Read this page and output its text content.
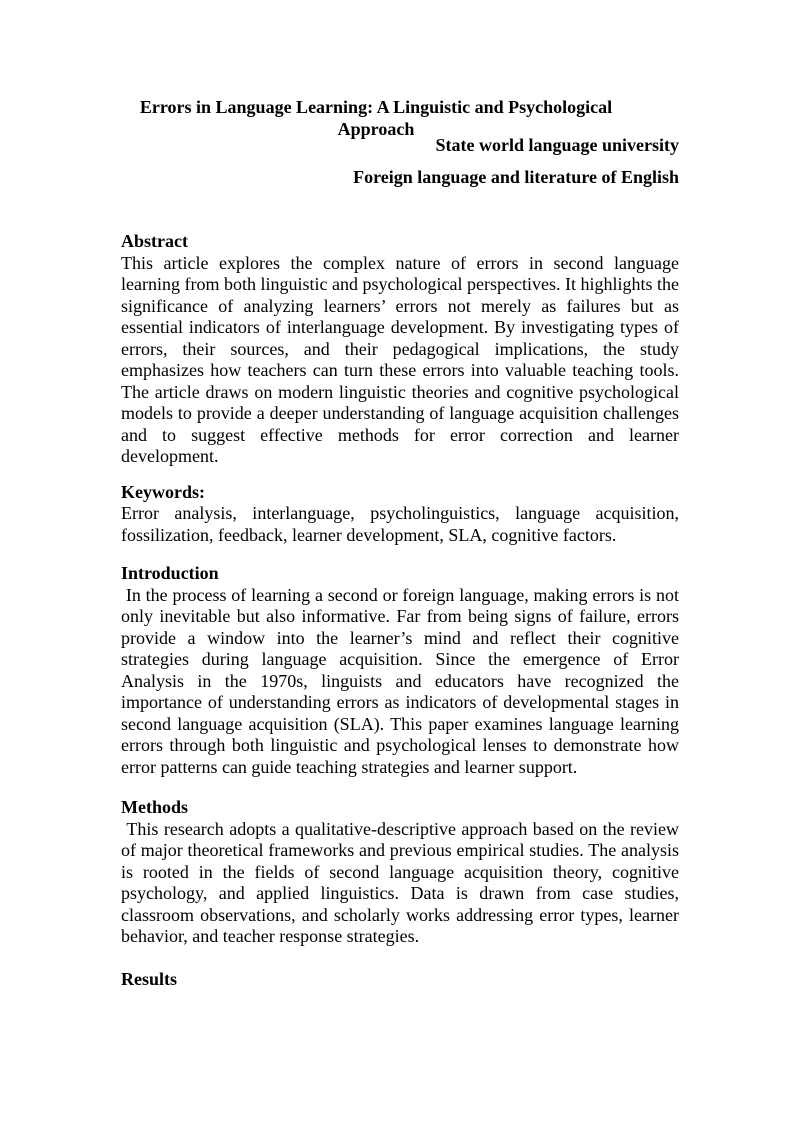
Errors in Language Learning: A Linguistic and Psychological Approach

State world language university

Foreign language and literature of English

Abstract

This article explores the complex nature of errors in second language learning from both linguistic and psychological perspectives. It highlights the significance of analyzing learners’ errors not merely as failures but as essential indicators of interlanguage development. By investigating types of errors, their sources, and their pedagogical implications, the study emphasizes how teachers can turn these errors into valuable teaching tools. The article draws on modern linguistic theories and cognitive psychological models to provide a deeper understanding of language acquisition challenges and to suggest effective methods for error correction and learner development.

Keywords:

Error analysis, interlanguage, psycholinguistics, language acquisition, fossilization, feedback, learner development, SLA, cognitive factors.

Introduction

In the process of learning a second or foreign language, making errors is not only inevitable but also informative. Far from being signs of failure, errors provide a window into the learner’s mind and reflect their cognitive strategies during language acquisition. Since the emergence of Error Analysis in the 1970s, linguists and educators have recognized the importance of understanding errors as indicators of developmental stages in second language acquisition (SLA). This paper examines language learning errors through both linguistic and psychological lenses to demonstrate how error patterns can guide teaching strategies and learner support.

Methods

This research adopts a qualitative-descriptive approach based on the review of major theoretical frameworks and previous empirical studies. The analysis is rooted in the fields of second language acquisition theory, cognitive psychology, and applied linguistics. Data is drawn from case studies, classroom observations, and scholarly works addressing error types, learner behavior, and teacher response strategies.

Results
